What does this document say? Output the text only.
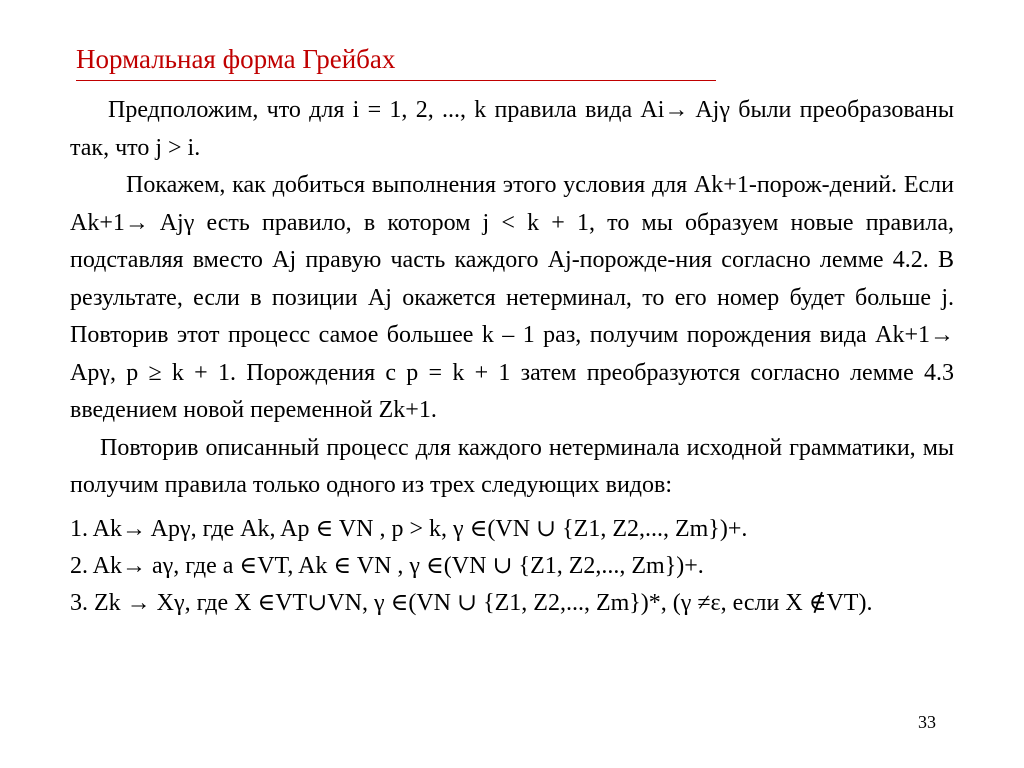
Нормальная форма Грейбах

Предположим, что для i = 1, 2, ..., k правила вида Ai→ Ajγ были преобразованы так, что j > i.

Покажем, как добиться выполнения этого условия для Ak+1-порож-дений. Если Ak+1→ Ajγ есть правило, в котором j < k + 1, то мы образуем новые правила, подставляя вместо Aj правую часть каждого Aj-порожде-ния согласно лемме 4.2. В результате, если в позиции Aj окажется нетерминал, то его номер будет больше j. Повторив этот процесс самое большее k – 1 раз, получим порождения вида Ak+1→ Apγ, p ≥ k + 1. Порождения с p = k + 1 затем преобразуются согласно лемме 4.3 введением новой переменной Zk+1.

Повторив описанный процесс для каждого нетерминала исходной грамматики, мы получим правила только одного из трех следующих видов:

1. Ak→ Apγ, где Ak, Ap ∈ VN , p > k, γ ∈(VN ∪ {Z1, Z2,..., Zm})+.

2. Ak→ aγ, где a ∈VT, Ak ∈ VN , γ ∈(VN ∪ {Z1, Z2,..., Zm})+.

3. Zk → Xγ, где X ∈VT∪VN, γ ∈(VN ∪ {Z1, Z2,..., Zm})*, (γ ≠ε, если X ∉VT).

33
